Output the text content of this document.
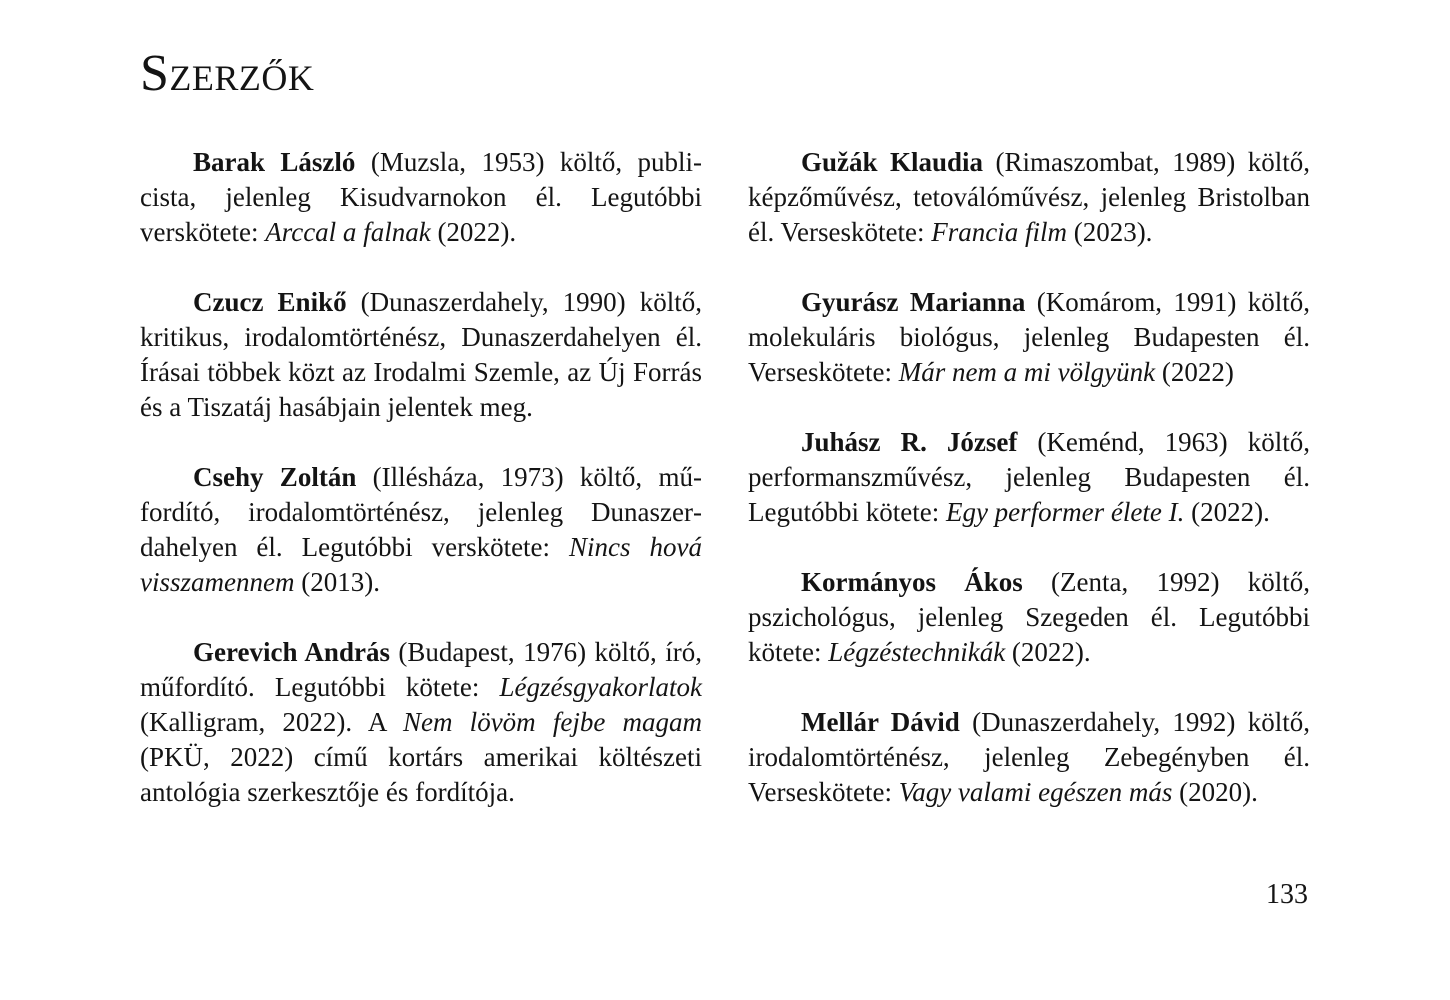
Szerzők

Barak László (Muzsla, 1953) költő, publicista, jelenleg Kisudvarnokon él. Legutóbbi verskötete: Arccal a falnak (2022).

Czucz Enikő (Dunaszerdahely, 1990) költő, kritikus, irodalomtörténész, Dunaszerdahelyen él. Írásai többek közt az Irodalmi Szemle, az Új Forrás és a Tiszatáj hasábjain jelentek meg.

Csehy Zoltán (Illésháza, 1973) költő, műfordító, irodalomtörténész, jelenleg Dunaszerdahelyen él. Legutóbbi verskötete: Nincs hová visszamennem (2013).

Gerevich András (Budapest, 1976) költő, író, műfordító. Legutóbbi kötete: Légzésgyakorlatok (Kalligram, 2022). A Nem lövöm fejbe magam (PKÜ, 2022) című kortárs amerikai költészeti antológia szerkesztője és fordítója.

Gužák Klaudia (Rimaszombat, 1989) költő, képzőművész, tetoválóművész, jelenleg Bristolban él. Verseskötete: Francia film (2023).

Gyurász Marianna (Komárom, 1991) költő, molekuláris biológus, jelenleg Budapesten él. Verseskötete: Már nem a mi völgyünk (2022)

Juhász R. József (Keménd, 1963) költő, performanszművész, jelenleg Budapesten él. Legutóbbi kötete: Egy performer élete I. (2022).

Kormányos Ákos (Zenta, 1992) költő, pszichológus, jelenleg Szegeden él. Legutóbbi kötete: Légzéstechnikák (2022).

Mellár Dávid (Dunaszerdahely, 1992) költő, irodalomtörténész, jelenleg Zebegényben él. Verseskötete: Vagy valami egészen más (2020).

133
